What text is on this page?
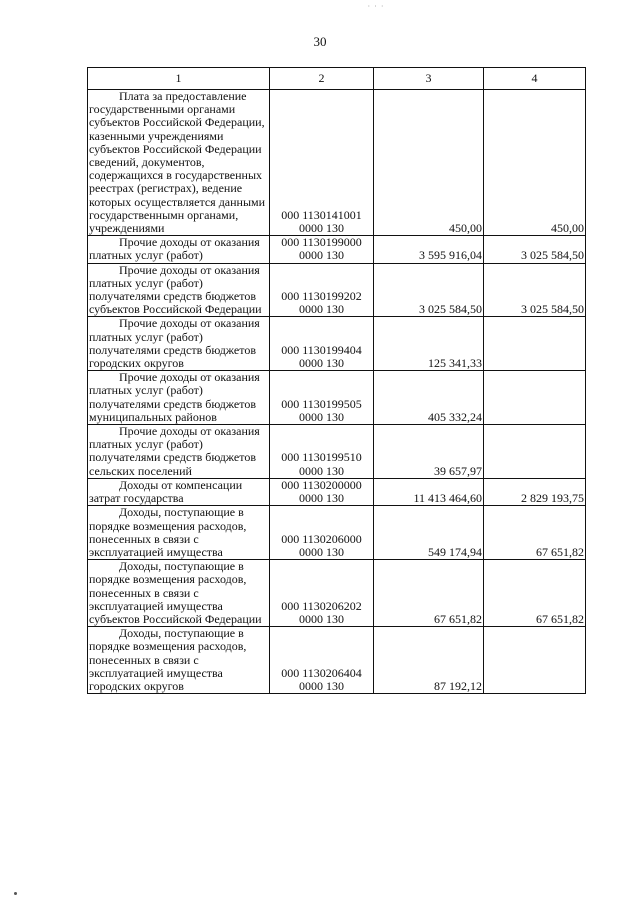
· · ·
30
1	2	3	4
Плата за предоставление государственными органами субъектов Российской Федерации, казенными учреждениями субъектов Российской Федерации сведений, документов, содержащихся в государственных реестрах (регистрах), ведение которых осуществляется данными государственнымн органами, учреждениями	000 1130141001 0000 130	450,00	450,00
Прочие доходы от оказания платных услуг (работ)	000 1130199000 0000 130	3 595 916,04	3 025 584,50
Прочие доходы от оказания платных услуг (работ) получателями средств бюджетов субъектов Российской Федерации	000 1130199202 0000 130	3 025 584,50	3 025 584,50
Прочие доходы от оказания платных услуг (работ) получателями средств бюджетов городских округов	000 1130199404 0000 130	125 341,33	
Прочие доходы от оказания платных услуг (работ) получателями средств бюджетов муниципальных районов	000 1130199505 0000 130	405 332,24	
Прочие доходы от оказания платных услуг (работ) получателями средств бюджетов сельских поселений	000 1130199510 0000 130	39 657,97	
Доходы от компенсации затрат государства	000 1130200000 0000 130	11 413 464,60	2 829 193,75
Доходы, поступающие в порядке возмещения расходов, понесенных в связи с эксплуатацией имущества	000 1130206000 0000 130	549 174,94	67 651,82
Доходы, поступающие в порядке возмещения расходов, понесенных в связи с эксплуатацией имущества субъектов Российской Федерации	000 1130206202 0000 130	67 651,82	67 651,82
Доходы, поступающие в порядке возмещения расходов, понесенных в связи с эксплуатацией имущества городских округов	000 1130206404 0000 130	87 192,12	
